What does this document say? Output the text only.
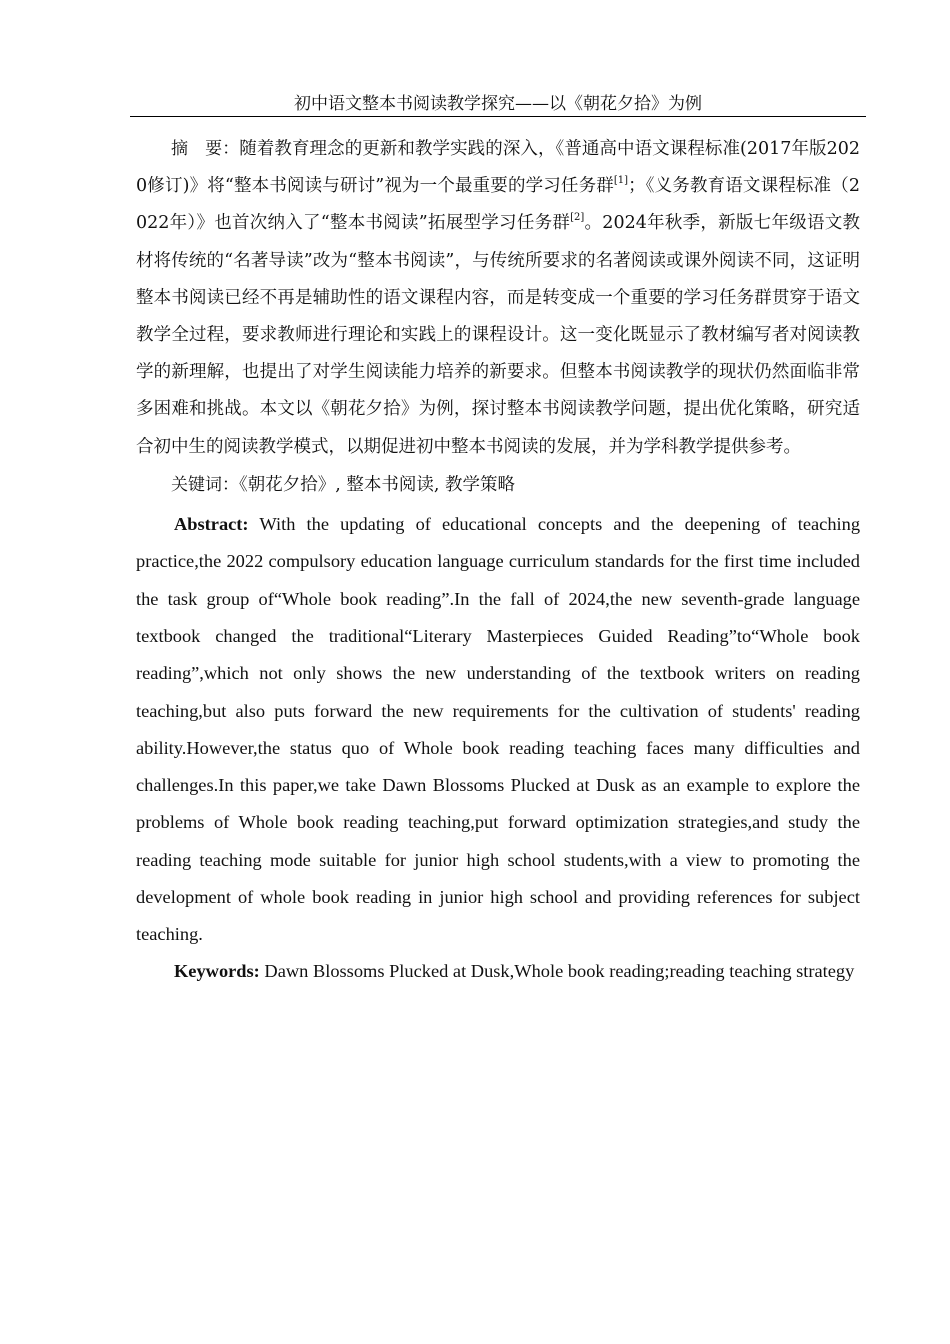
初中语文整本书阅读教学探究——以《朝花夕拾》为例

摘　要：随着教育理念的更新和教学实践的深入，《普通高中语文课程标准(2017年版2020修订)》将“整本书阅读与研讨”视为一个最重要的学习任务群[1]；《义务教育语文课程标准（2022年）》也首次纳入了“整本书阅读”拓展型学习任务群[2]。2024年秋季，新版七年级语文教材将传统的“名著导读”改为“整本书阅读”，与传统所要求的名著阅读或课外阅读不同，这证明整本书阅读已经不再是辅助性的语文课程内容，而是转变成一个重要的学习任务群贯穿于语文教学全过程，要求教师进行理论和实践上的课程设计。这一变化既显示了教材编写者对阅读教学的新理解，也提出了对学生阅读能力培养的新要求。但整本书阅读教学的现状仍然面临非常多困难和挑战。本文以《朝花夕拾》为例，探讨整本书阅读教学问题，提出优化策略，研究适合初中生的阅读教学模式，以期促进初中整本书阅读的发展，并为学科教学提供参考。

关键词：《朝花夕拾》, 整本书阅读, 教学策略

Abstract: With the updating of educational concepts and the deepening of teaching practice,the 2022 compulsory education language curriculum standards for the first time included the task group of“Whole book reading”.In the fall of 2024,the new seventh-grade language textbook changed the traditional“Literary Masterpieces Guided Reading”to“Whole book reading”,which not only shows the new understanding of the textbook writers on reading teaching,but also puts forward the new requirements for the cultivation of students' reading ability.However,the status quo of Whole book reading teaching faces many difficulties and challenges.In this paper,we take Dawn Blossoms Plucked at Dusk as an example to explore the problems of Whole book reading teaching,put forward optimization strategies,and study the reading teaching mode suitable for junior high school students,with a view to promoting the development of whole book reading in junior high school and providing references for subject teaching.

Keywords: Dawn Blossoms Plucked at Dusk,Whole book reading;reading teaching strategy
